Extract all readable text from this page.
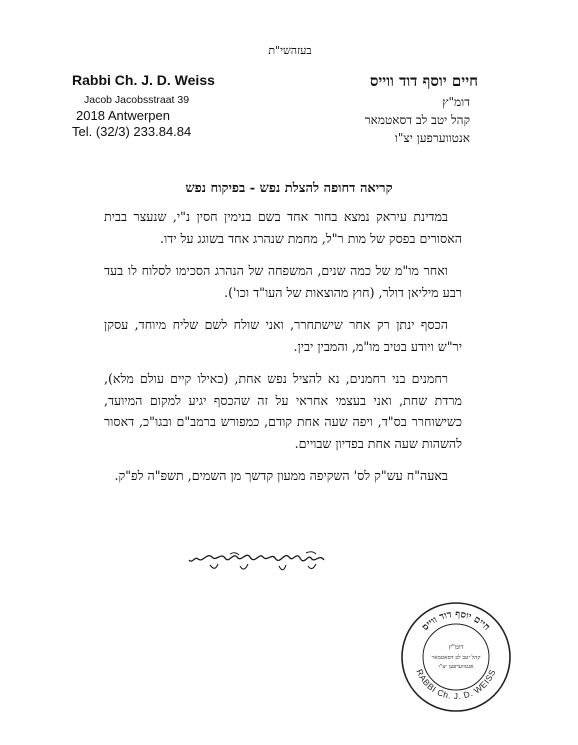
בעזהשי"ת
Rabbi Ch. J. D. Weiss
Jacob Jacobsstraat 39
2018 Antwerpen
Tel. (32/3) 233.84.84
חיים יוסף דוד ווייס
דומ"ץ
קהל יטב לב דסאטמאר
אנטווערפען יצ"ו
קריאה דחופה להצלת נפש - בפיקוח נפש

במדינת עיראק נמצא בחור אחד בשם בנימין חסין נ"י, שנעצר בבית האסורים בפסק של מות ר"ל, מחמת שנהרג אחד בשוגג על ידו.

ואחר מו"מ של כמה שנים, המשפחה של הנהרג הסכימו לסלוח לו בעד רבע מיליאן דולר, (חוץ מהוצאות של העו"ד וכו').

הכסף ינתן רק אחר שישתחרר, ואני שולח לשם שליח מיוחד, עסקן יר"ש ויודע בטיב מו"מ, והמבין יבין.

רחמנים בני רחמנים, נא להציל נפש אחת, (כאילו קיים עולם מלא), מרדת שחת, ואני בעצמי אחראי על זה שהכסף יגיע למקום המיועד, כשישוחרר בס"ד, ויפה שעה אחת קודם, כמפורש ברמב"ם ובגו"כ, דאסור להשהות שעה אחת בפדיון שבויים.

באעה"ח עש"ק לס' השקיפה ממעון קדשך מן השמים, תשפ"ה לפ"ק.

חיים יוסף דוד ווייס
RABBI Ch. J. D. WEISS
דומ"ץ
קהל יטב לב דסאטמאר
אנטווערפען יצ"ו
